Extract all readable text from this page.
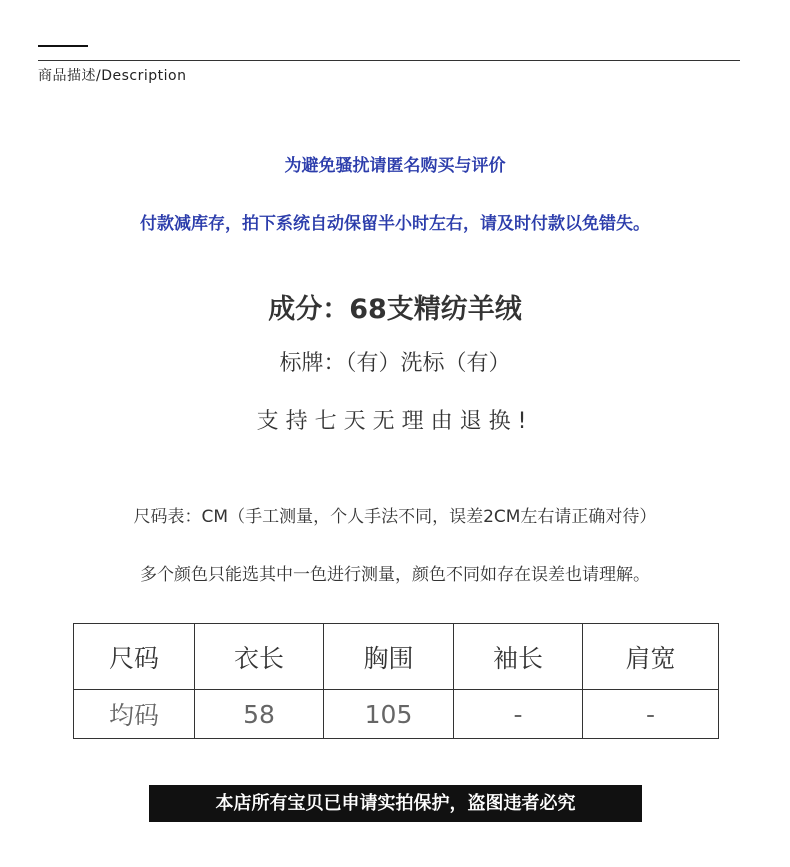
商品描述/Description
为避免骚扰请匿名购买与评价
付款减库存，拍下系统自动保留半小时左右，请及时付款以免错失。
成分：68支精纺羊绒
标牌：（有）洗标（有）
支持七天无理由退换!
尺码表：CM（手工测量，个人手法不同，误差2CM左右请正确对待）
多个颜色只能选其中一色进行测量，颜色不同如存在误差也请理解。
尺码	衣长	胸围	袖长	肩宽
均码	58	105	-	-
本店所有宝贝已申请实拍保护，盗图违者必究
